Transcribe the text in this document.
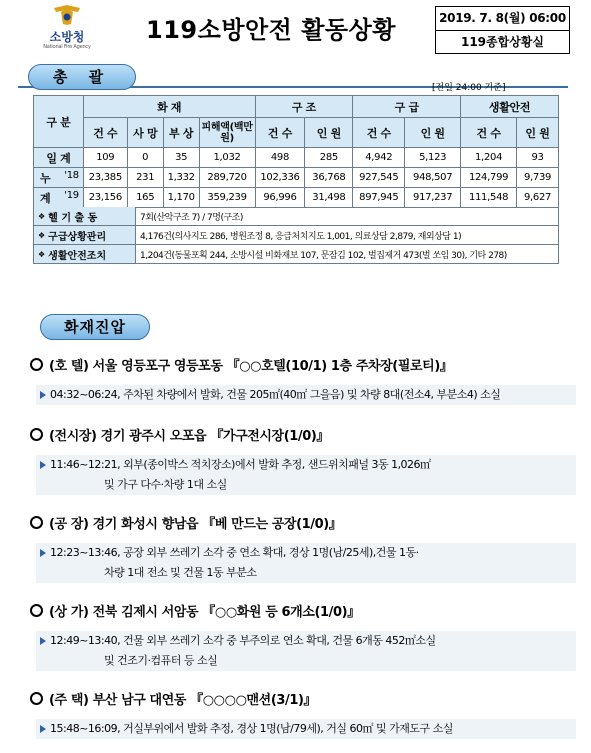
소방청
National Fire Agency
119소방안전 활동상황	2019. 7. 8(월) 06:00
119종합상황실
총 괄
[전일 24:00 기준]
구 분	화 재				구 조		구 급		생활안전	
	건 수	사 망	부 상	피해액(백만원)	건 수	인 원	건 수	인 원	건 수	인 원
일 계	109	0	35	1,032	498	285	4,942	5,123	1,204	93
누 '18	23,385	231	1,332	289,720	102,336	36,768	927,545	948,507	124,799	9,739
계 '19	23,156	165	1,170	359,239	96,996	31,498	897,945	917,237	111,548	9,627
❖ 헬 기 출 동	7회(산악구조 7) / 7명(구조)
❖ 구급상황관리	4,176건(의사지도 286, 병원조정 8, 응급처치지도 1,001, 의료상담 2,879, 재외상담 1)
❖ 생활안전조치	1,204건(동물포획 244, 소방시설 비화재보 107, 문잠김 102, 벌집제거 473(벌 쏘임 30), 기타 278)
화재진압
(호 텔) 서울 영등포구 영등포동 『○○호텔(10/1) 1층 주차장(필로티)』
04:32~06:24, 주차된 차량에서 발화, 건물 205㎡(40㎡ 그을음) 및 차량 8대(전소4, 부분소4) 소실
(전시장) 경기 광주시 오포읍 『가구전시장(1/0)』
11:46~12:21, 외부(종이박스 적치장소)에서 발화 추정, 샌드위치패널 3동 1,026㎡
및 가구 다수·차량 1대 소실
(공 장) 경기 화성시 향남읍 『베 만드는 공장(1/0)』
12:23~13:46, 공장 외부 쓰레기 소각 중 연소 확대, 경상 1명(남/25세),건물 1동·
차량 1대 전소 및 건물 1동 부분소
(상 가) 전북 김제시 서암동 『○○화원 등 6개소(1/0)』
12:49~13:40, 건물 외부 쓰레기 소각 중 부주의로 연소 확대, 건물 6개동 452㎡소실
및 건조기·컴퓨터 등 소실
(주 택) 부산 남구 대연동 『○○○○맨션(3/1)』
15:48~16:09, 거실부위에서 발화 추정, 경상 1명(남/79세), 거실 60㎡ 및 가재도구 소실
